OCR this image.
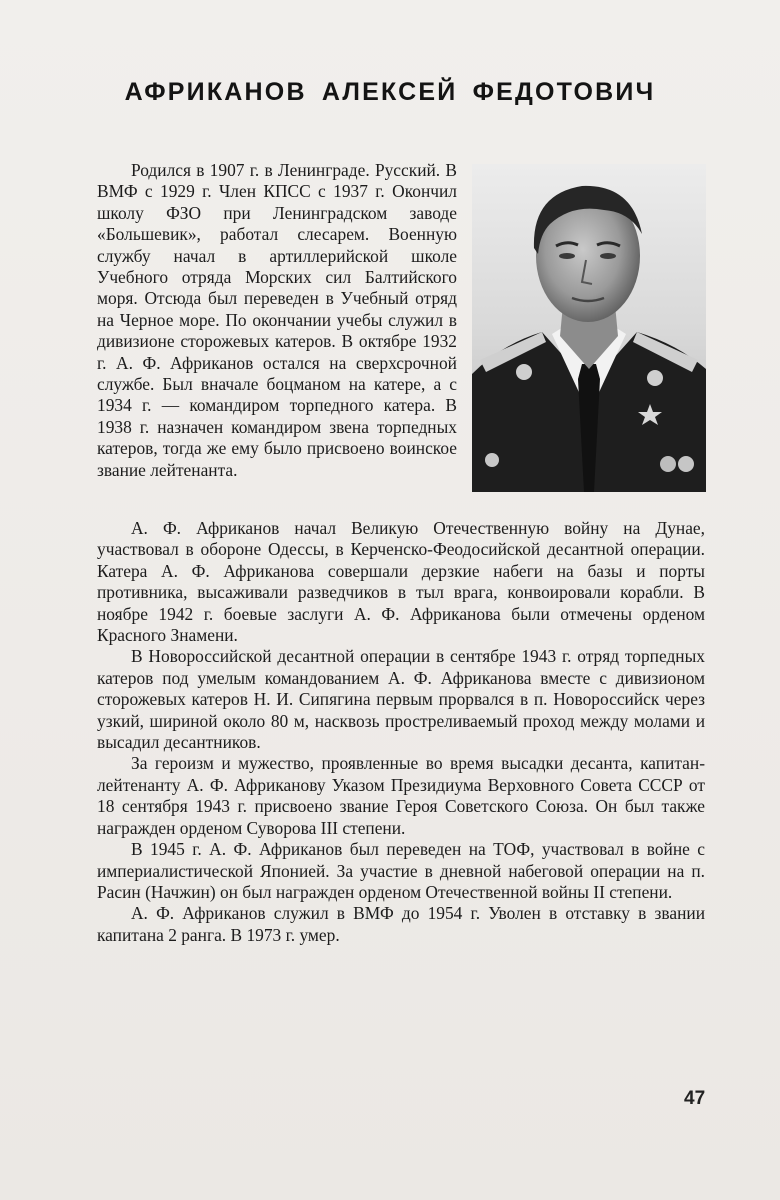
АФРИКАНОВ АЛЕКСЕЙ ФЕДОТОВИЧ

Родился в 1907 г. в Ленинграде. Русский. В ВМФ с 1929 г. Член КПСС с 1937 г. Окончил школу ФЗО при Ленинградском заводе «Большевик», работал слесарем. Военную службу начал в артиллерийской школе Учебного отряда Морских сил Балтийского моря. Отсюда был переведен в Учебный отряд на Черное море. По окончании учебы служил в дивизионе сторожевых катеров. В октябре 1932 г. А. Ф. Африканов остался на сверхсрочной службе. Был вначале боцманом на катере, а с 1934 г. — командиром торпедного катера. В 1938 г. назначен командиром звена торпедных катеров, тогда же ему было присвоено воинское звание лейтенанта.

А. Ф. Африканов начал Великую Отечественную войну на Дунае, участвовал в обороне Одессы, в Керченско-Феодосийской десантной операции. Катера А. Ф. Африканова совершали дерзкие набеги на базы и порты противника, высаживали разведчиков в тыл врага, конвоировали корабли. В ноябре 1942 г. боевые заслуги А. Ф. Африканова были отмечены орденом Красного Знамени.

В Новороссийской десантной операции в сентябре 1943 г. отряд торпедных катеров под умелым командованием А. Ф. Африканова вместе с дивизионом сторожевых катеров Н. И. Сипягина первым прорвался в п. Новороссийск через узкий, шириной около 80 м, насквозь простреливаемый проход между молами и высадил десантников.

За героизм и мужество, проявленные во время высадки десанта, капитан-лейтенанту А. Ф. Африканову Указом Президиума Верховного Совета СССР от 18 сентября 1943 г. присвоено звание Героя Советского Союза. Он был также награжден орденом Суворова III степени.

В 1945 г. А. Ф. Африканов был переведен на ТОФ, участвовал в войне с империалистической Японией. За участие в дневной набеговой операции на п. Расин (Начжин) он был награжден орденом Отечественной войны II степени.

А. Ф. Африканов служил в ВМФ до 1954 г. Уволен в отставку в звании капитана 2 ранга. В 1973 г. умер.

47
